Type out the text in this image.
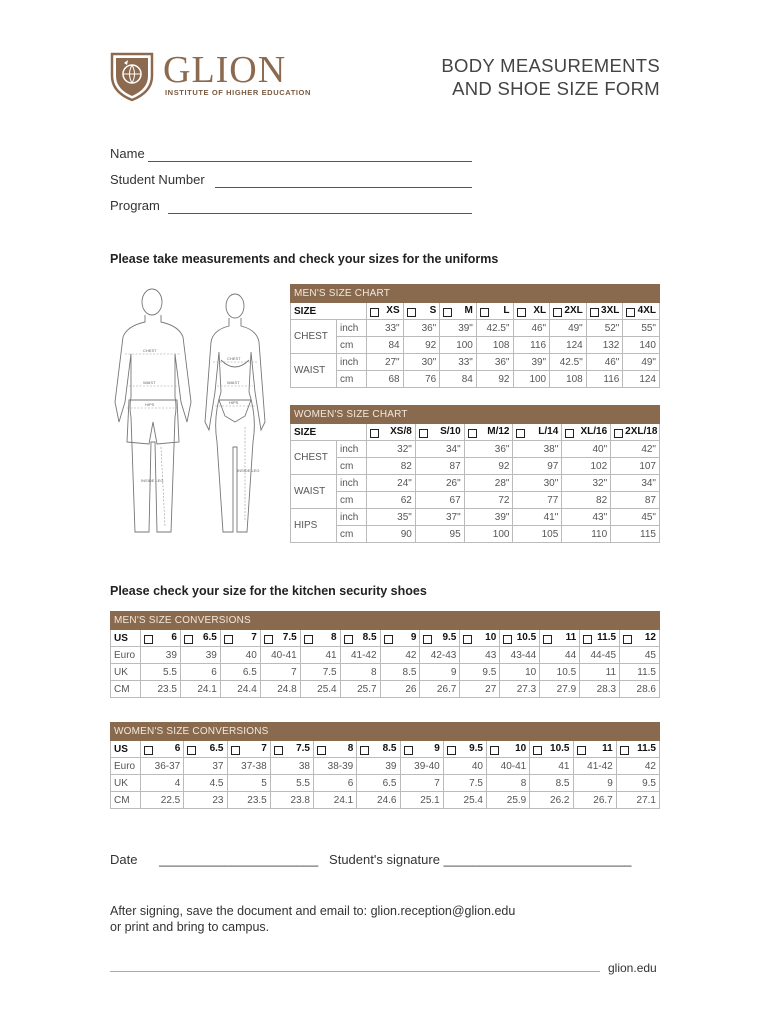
GLION
INSTITUTE OF HIGHER EDUCATION
BODY MEASUREMENTS
AND SHOE SIZE FORM
Name
Student Number
Program
Please take measurements and check your sizes for the uniforms
CHEST
WAIST
HIPS
INSIDE LEG
CHEST
WAIST
HIPS
INSIDE LEG
MEN'S SIZE CHART									
SIZE		XS	S	M	L	XL	2XL	3XL	4XL
CHEST	inch	33"	36"	39"	42.5"	46"	49"	52"	55"
	cm	84	92	100	108	116	124	132	140
WAIST	inch	27"	30"	33"	36"	39"	42.5"	46"	49"
	cm	68	76	84	92	100	108	116	124
WOMEN'S SIZE CHART							
SIZE		XS/8	S/10	M/12	L/14	XL/16	2XL/18
CHEST	inch	32"	34"	36"	38"	40"	42"
	cm	82	87	92	97	102	107
WAIST	inch	24"	26"	28"	30"	32"	34"
	cm	62	67	72	77	82	87
HIPS	inch	35"	37"	39"	41"	43"	45"
	cm	90	95	100	105	110	115
Please check your size for the kitchen security shoes
MEN'S SIZE CONVERSIONS													
US	6	6.5	7	7.5	8	8.5	9	9.5	10	10.5	11	11.5	12
Euro	39	39	40	40-41	41	41-42	42	42-43	43	43-44	44	44-45	45
UK	5.5	6	6.5	7	7.5	8	8.5	9	9.5	10	10.5	11	11.5
CM	23.5	24.1	24.4	24.8	25.4	25.7	26	26.7	27	27.3	27.9	28.3	28.6
WOMEN'S SIZE CONVERSIONS												
US	6	6.5	7	7.5	8	8.5	9	9.5	10	10.5	11	11.5
Euro	36-37	37	37-38	38	38-39	39	39-40	40	40-41	41	41-42	42
UK	4	4.5	5	5.5	6	6.5	7	7.5	8	8.5	9	9.5
CM	22.5	23	23.5	23.8	24.1	24.6	25.1	25.4	25.9	26.2	26.7	27.1
Date ______________________ Student's signature __________________________
After signing, save the document and email to: glion.reception@glion.edu
or print and bring to campus.
glion.edu
